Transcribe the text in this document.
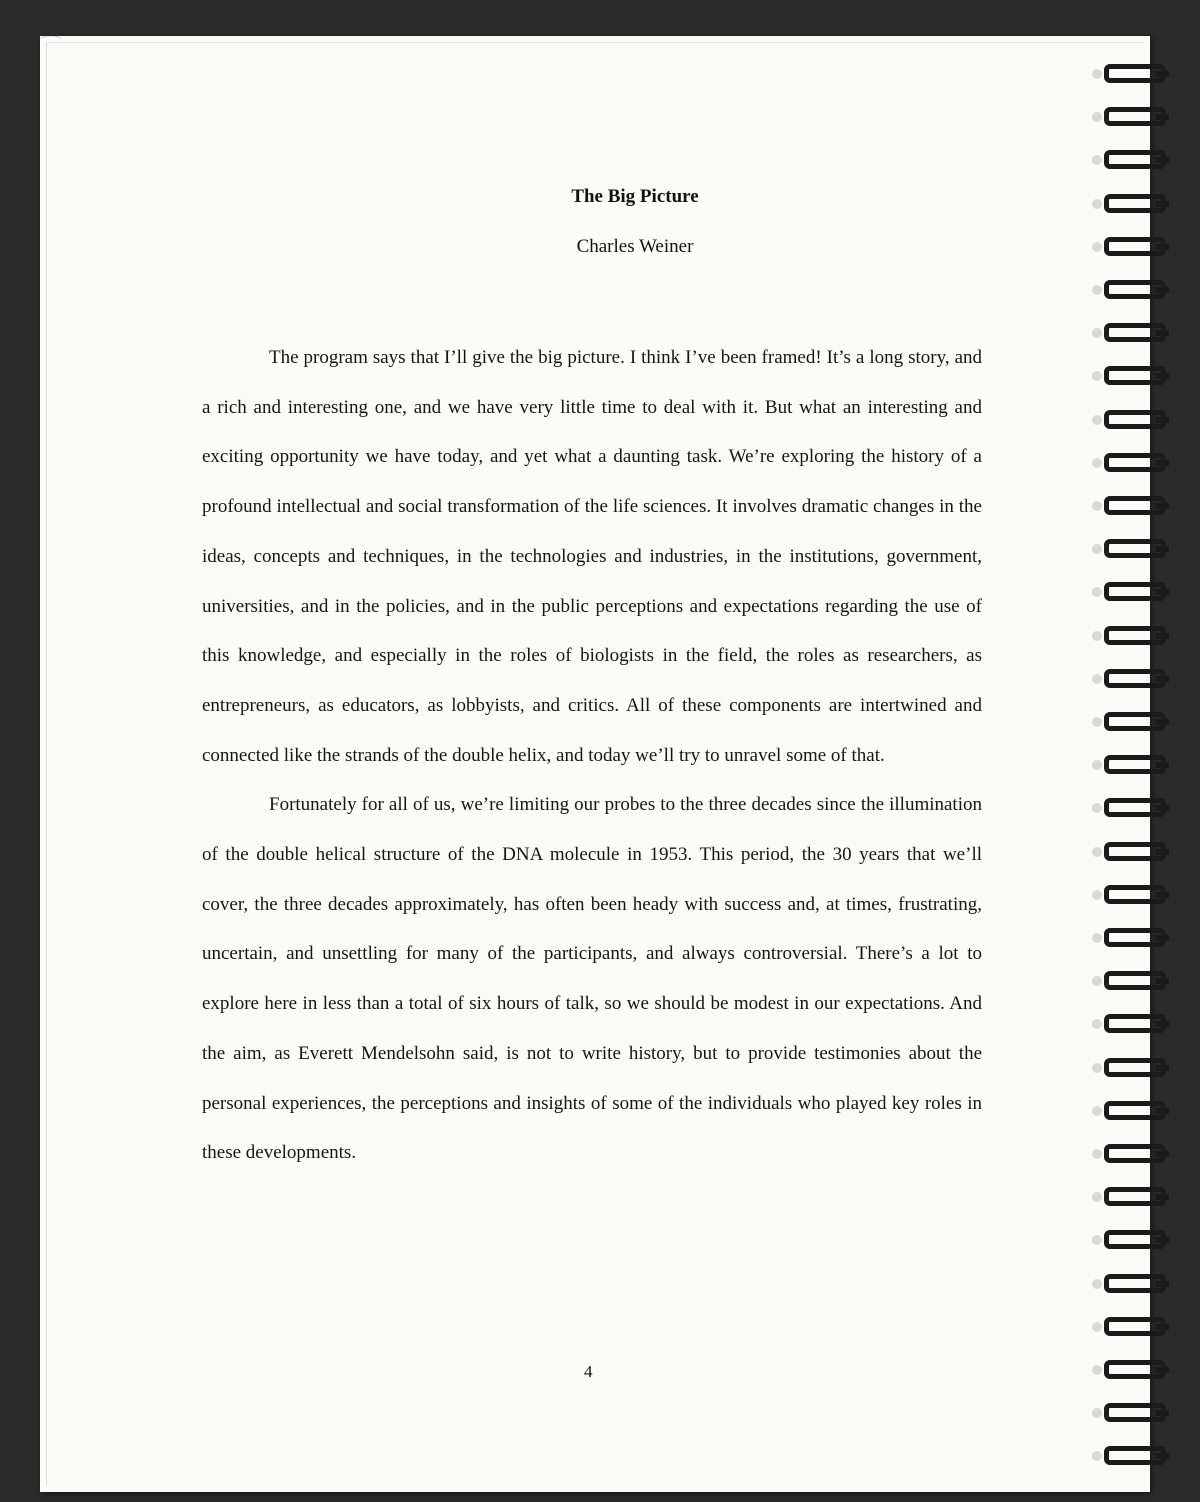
⌒
The Big Picture
Charles Weiner

The program says that I’ll give the big picture. I think I’ve been framed! It’s a long story, and a rich and interesting one, and we have very little time to deal with it. But what an interesting and exciting opportunity we have today, and yet what a daunting task. We’re exploring the history of a profound intellectual and social transformation of the life sciences. It involves dramatic changes in the ideas, concepts and techniques, in the technologies and industries, in the institutions, government, universities, and in the policies, and in the public perceptions and expectations regarding the use of this knowledge, and especially in the roles of biologists in the field, the roles as researchers, as entrepreneurs, as educators, as lobbyists, and critics. All of these components are intertwined and connected like the strands of the double helix, and today we’ll try to unravel some of that.

Fortunately for all of us, we’re limiting our probes to the three decades since the illumination of the double helical structure of the DNA molecule in 1953. This period, the 30 years that we’ll cover, the three decades approximately, has often been heady with success and, at times, frustrating, uncertain, and unsettling for many of the participants, and always controversial. There’s a lot to explore here in less than a total of six hours of talk, so we should be modest in our expectations. And the aim, as Everett Mendelsohn said, is not to write history, but to provide testimonies about the personal experiences, the perceptions and insights of some of the individuals who played key roles in these developments.

4
